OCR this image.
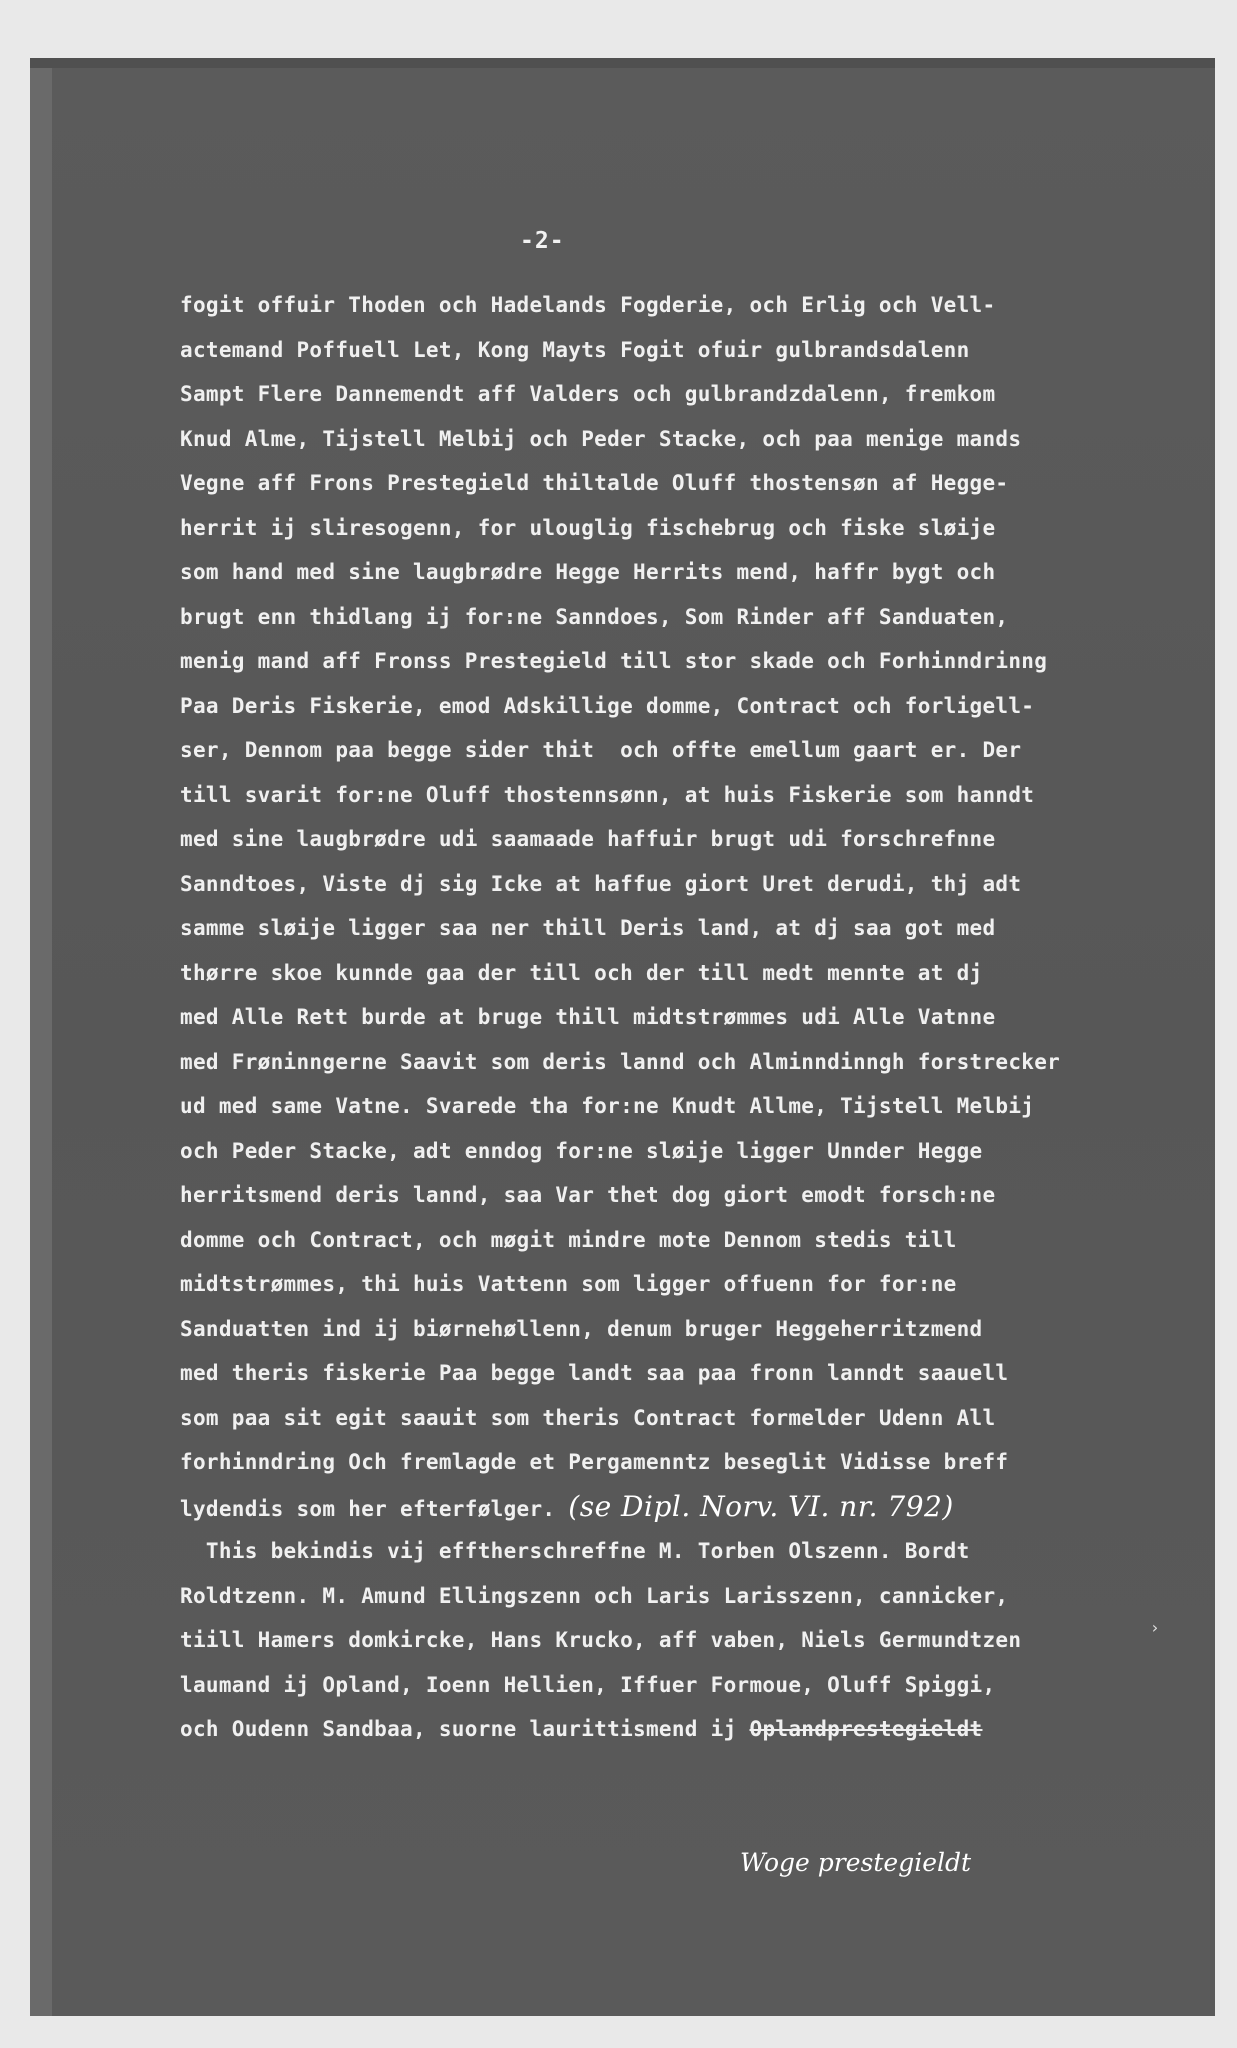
-2-
fogit offuir Thoden och Hadelands Fogderie, och Erlig och Vell-
actemand Poffuell Let, Kong Mayts Fogit ofuir gulbrandsdalenn
Sampt Flere Dannemendt aff Valders och gulbrandzdalenn, fremkom
Knud Alme, Tijstell Melbij och Peder Stacke, och paa menige mands
Vegne aff Frons Prestegield thiltalde Oluff thostensøn af Hegge-
herrit ij sliresogenn, for ulouglig fischebrug och fiske sløije
som hand med sine laugbrødre Hegge Herrits mend, haffr bygt och
brugt enn thidlang ij for:ne Sanndoes, Som Rinder aff Sanduaten,
menig mand aff Fronss Prestegield till stor skade och Forhinndrinng
Paa Deris Fiskerie, emod Adskillige domme, Contract och forligell-
ser, Dennom paa begge sider thit  och offte emellum gaart er. Der
till svarit for:ne Oluff thostennsønn, at huis Fiskerie som hanndt
med sine laugbrødre udi saamaade haffuir brugt udi forschrefnne
Sanndtoes, Viste dj sig Icke at haffue giort Uret derudi, thj adt
samme sløije ligger saa ner thill Deris land, at dj saa got med
thørre skoe kunnde gaa der till och der till medt mennte at dj
med Alle Rett burde at bruge thill midtstrømmes udi Alle Vatnne
med Frøninngerne Saavit som deris lannd och Alminndinngh forstrecker
ud med same Vatne. Svarede tha for:ne Knudt Allme, Tijstell Melbij
och Peder Stacke, adt enndog for:ne sløije ligger Unnder Hegge
herritsmend deris lannd, saa Var thet dog giort emodt forsch:ne
domme och Contract, och møgit mindre mote Dennom stedis till
midtstrømmes, thi huis Vattenn som ligger offuenn for for:ne
Sanduatten ind ij biørnehøllenn, denum bruger Heggeherritzmend
med theris fiskerie Paa begge landt saa paa fronn lanndt saauell
som paa sit egit saauit som theris Contract formelder Udenn All
forhinndring Och fremlagde et Pergamenntz beseglit Vidisse breff
lydendis som her efterfølger. (se Dipl. Norv. VI. nr. 792)
This bekindis vij efftherschreffne M. Torben Olszenn. Bordt
Roldtzenn. M. Amund Ellingszenn och Laris Larisszenn, cannicker,
tiill Hamers domkircke, Hans Krucko, aff vaben, Niels Germundtzen
laumand ij Opland, Ioenn Hellien, Iffuer Formoue, Oluff Spiggi,
och Oudenn Sandbaa, suorne laurittismend ij Oplandprestegieldt
Woge prestegieldt
›
